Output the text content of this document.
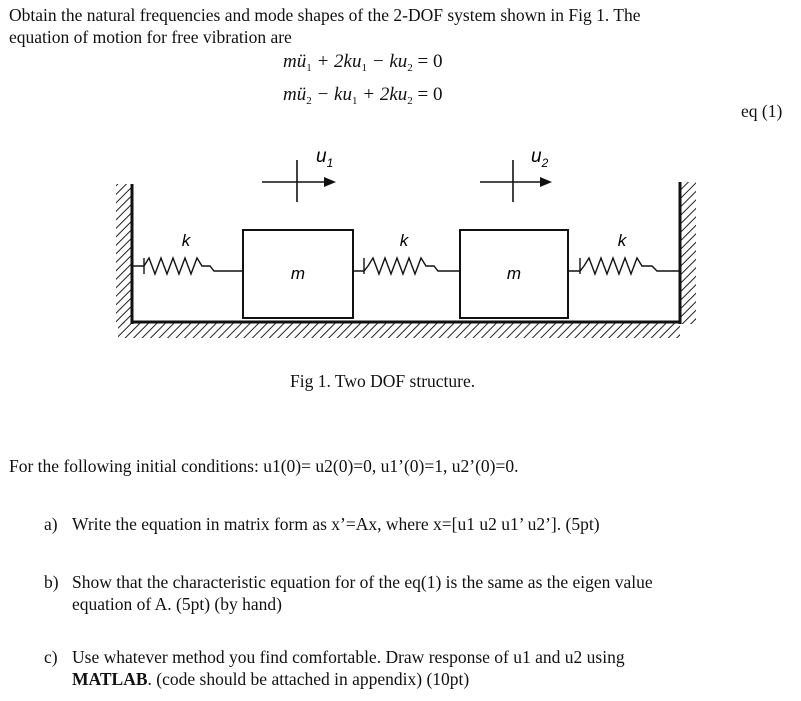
Obtain the natural frequencies and mode shapes of the 2-DOF system shown in Fig 1. The
equation of motion for free vibration are
$mü_1 + 2ku_1 - ku_2 = 0$
$mü_2 - ku_1 + 2ku_2 = 0$
eq (1)
m	m
k	k	k
$u_1$	$u_2$
Fig 1. Two DOF structure.
For the following initial conditions: u1(0)= u2(0)=0, u1’(0)=1, u2’(0)=0.
a) Write the equation in matrix form as x’=Ax, where x=[u1 u2 u1’ u2’]. (5pt)
b) Show that the characteristic equation for of the eq(1) is the same as the eigen value
equation of A. (5pt) (by hand)
c) Use whatever method you find comfortable. Draw response of u1 and u2 using
MATLAB. (code should be attached in appendix) (10pt)
